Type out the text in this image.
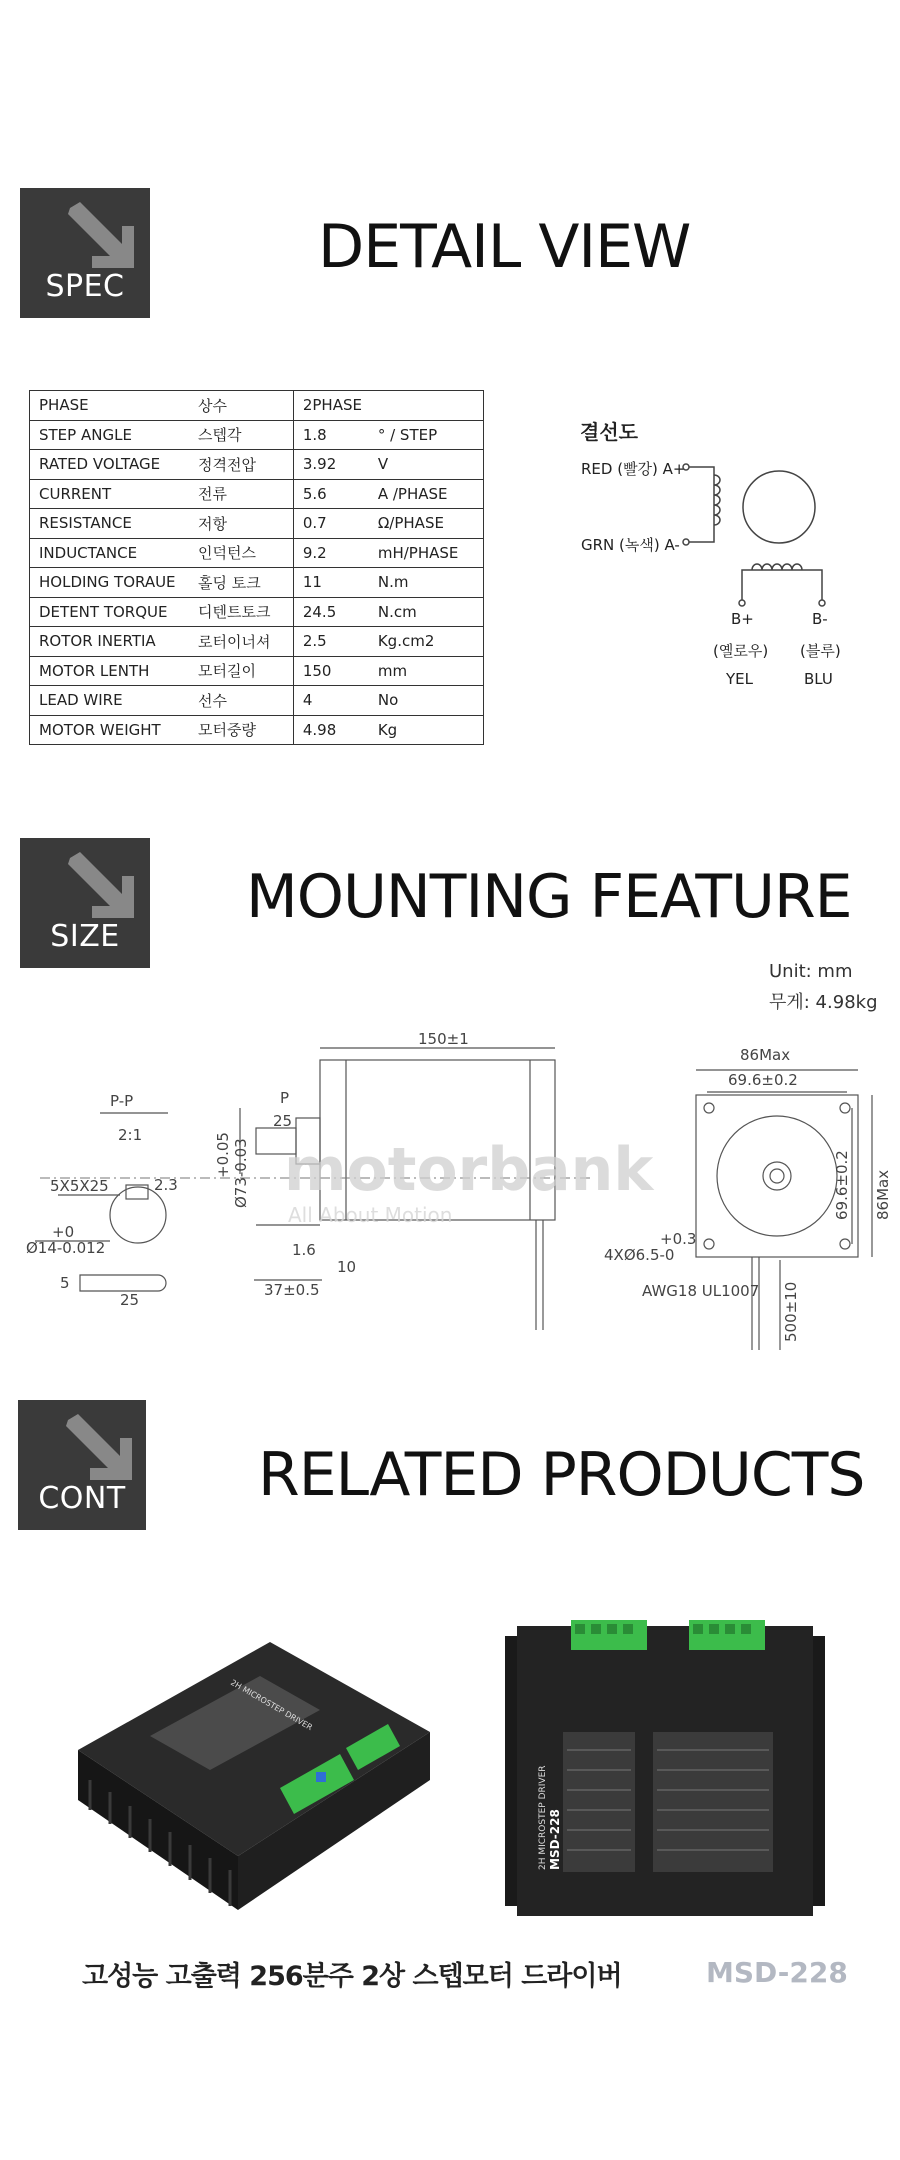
SPEC
DETAIL VIEW
PHASE	상수	2PHASE	
STEP ANGLE	스텝각	1.8	° / STEP
RATED VOLTAGE	정격전압	3.92	V
CURRENT	전류	5.6	A /PHASE
RESISTANCE	저항	0.7	Ω/PHASE
INDUCTANCE	인덕턴스	9.2	mH/PHASE
HOLDING TORAUE	홀딩 토크	11	N.m
DETENT TORQUE	디텐트토크	24.5	N.cm
ROTOR INERTIA	로터이너셔	2.5	Kg.cm2
MOTOR LENTH	모터길이	150	mm
LEAD WIRE	선수	4	No
MOTOR WEIGHT	모터중량	4.98	Kg
결선도
RED (빨강) A+
GRN (녹색) A-
B+	B-
(옐로우) (블루)
YEL	BLU
SIZE
MOUNTING FEATURE
Unit: mm
무게: 4.98kg
P-P
2:1
5X5X25	2.3
+0
Ø14-0.012
5
25
150±1
+0.05 Ø73-0.03
25
P
1.6
10
37±0.5
86Max
69.6±0.2
69.6±0.2 86Max
+0.3
4XØ6.5-0
AWG18 UL1007 500±10
motorbank
All About Motion
CONT	RELATED PRODUCTS
2H MICROSTEP DRIVER
2H MICROSTEP DRIVER MSD-228
고성능 고출력 256분주 2상 스텝모터 드라이버	MSD-228
